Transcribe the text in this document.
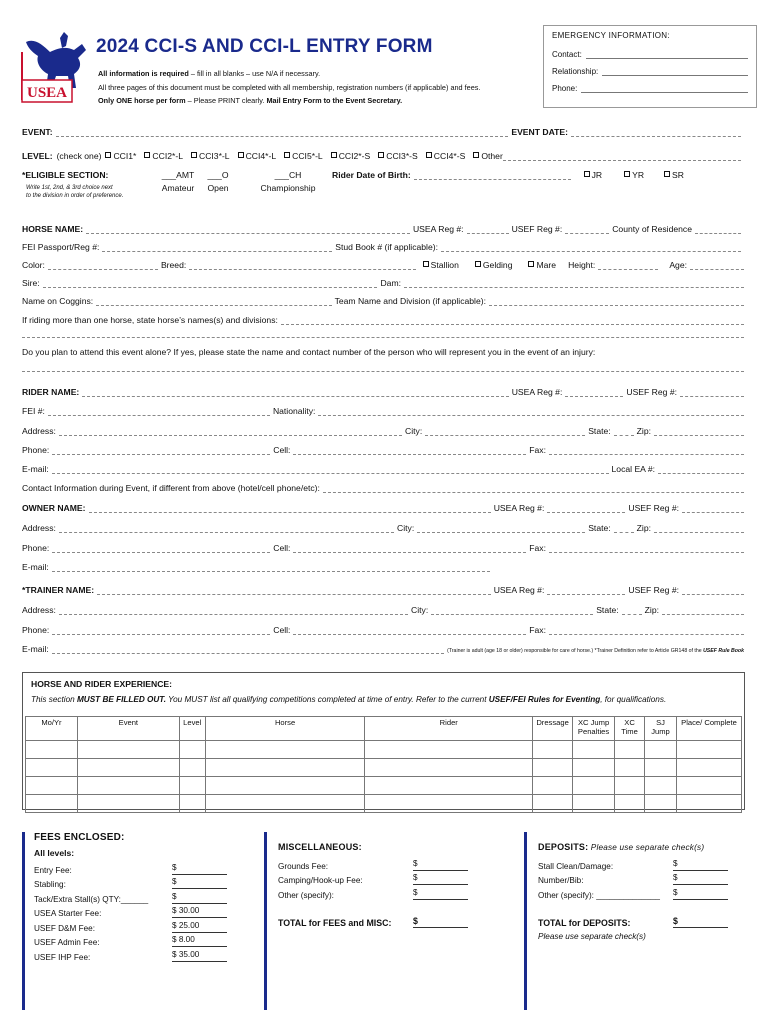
USEA
2024 CCI-S AND CCI-L ENTRY FORM
All information is required – fill in all blanks – use N/A if necessary.
All three pages of this document must be completed with all membership, registration numbers (if applicable) and fees.
Only ONE horse per form – Please PRINT clearly. Mail Entry Form to the Event Secretary.
EMERGENCY INFORMATION:
Contact:
Relationship:
Phone:
EVENT:	EVENT DATE:
LEVEL: (check one) CCI1* CCI2*-L CCI3*-L CCI4*-L CCI5*-L CCI2*-S CCI3*-S CCI4*-S Other
*ELIGIBLE SECTION:
Write 1st, 2nd, & 3rd choice next
to the division in order of preference.
___AMT
Amateur
___O
Open
___CH
Championship
Rider Date of Birth:	JR	YR	SR
HORSE NAME:	USEA Reg #:	USEF Reg #:	County of Residence
FEI Passport/Reg #:	Stud Book # (if applicable):
Color:	Breed:	Stallion	Gelding	Mare Height:	Age:
Sire:	Dam:
Name on Coggins:	Team Name and Division (if applicable):
If riding more than one horse, state horse’s names(s) and divisions:
Do you plan to attend this event alone? If yes, please state the name and contact number of the person who will represent you in the event of an injury:
RIDER NAME:	USEA Reg #:	USEF Reg #:
FEI #:	Nationality:
Address:	City:	State:	Zip:
Phone:	Cell:	Fax:
E-mail:	Local EA #:
Contact Information during Event, if different from above (hotel/cell phone/etc):
OWNER NAME:	USEA Reg #:	USEF Reg #:
Address:	City:	State:	Zip:
Phone:	Cell:	Fax:
E-mail:
*TRAINER NAME:	USEA Reg #:	USEF Reg #:
Address:	City:	State:	Zip:
Phone:	Cell:	Fax:
E-mail:	(Trainer is adult (age 18 or older) responsible for care of horse.) *Trainer Definition refer to Article GR148 of the USEF Rule Book
HORSE AND RIDER EXPERIENCE:
This section MUST BE FILLED OUT. You MUST list all qualifying competitions completed at time of entry. Refer to the current USEF/FEI Rules for Eventing, for qualifications.
Mo/Yr	Event	Level	Horse	Rider	Dressage	XC Jump Penalties	XC Time	SJ Jump	Place/ Complete

FEES ENCLOSED:
All levels:
Entry Fee:	$
Stabling:	$
Tack/Extra Stall(s) QTY:______	$
USEA Starter Fee:	$ 30.00
USEF D&M Fee:	$ 25.00
USEF Admin Fee:	$ 8.00
USEF IHP Fee:	$ 35.00
MISCELLANEOUS:
Grounds Fee:	$
Camping/Hook-up Fee:	$
Other (specify):	$
TOTAL for FEES and MISC:	$
DEPOSITS: Please use separate check(s)
Stall Clean/Damage:	$
Number/Bib:	$
Other (specify): ______________	$
TOTAL for DEPOSITS:	$
Please use separate check(s)
